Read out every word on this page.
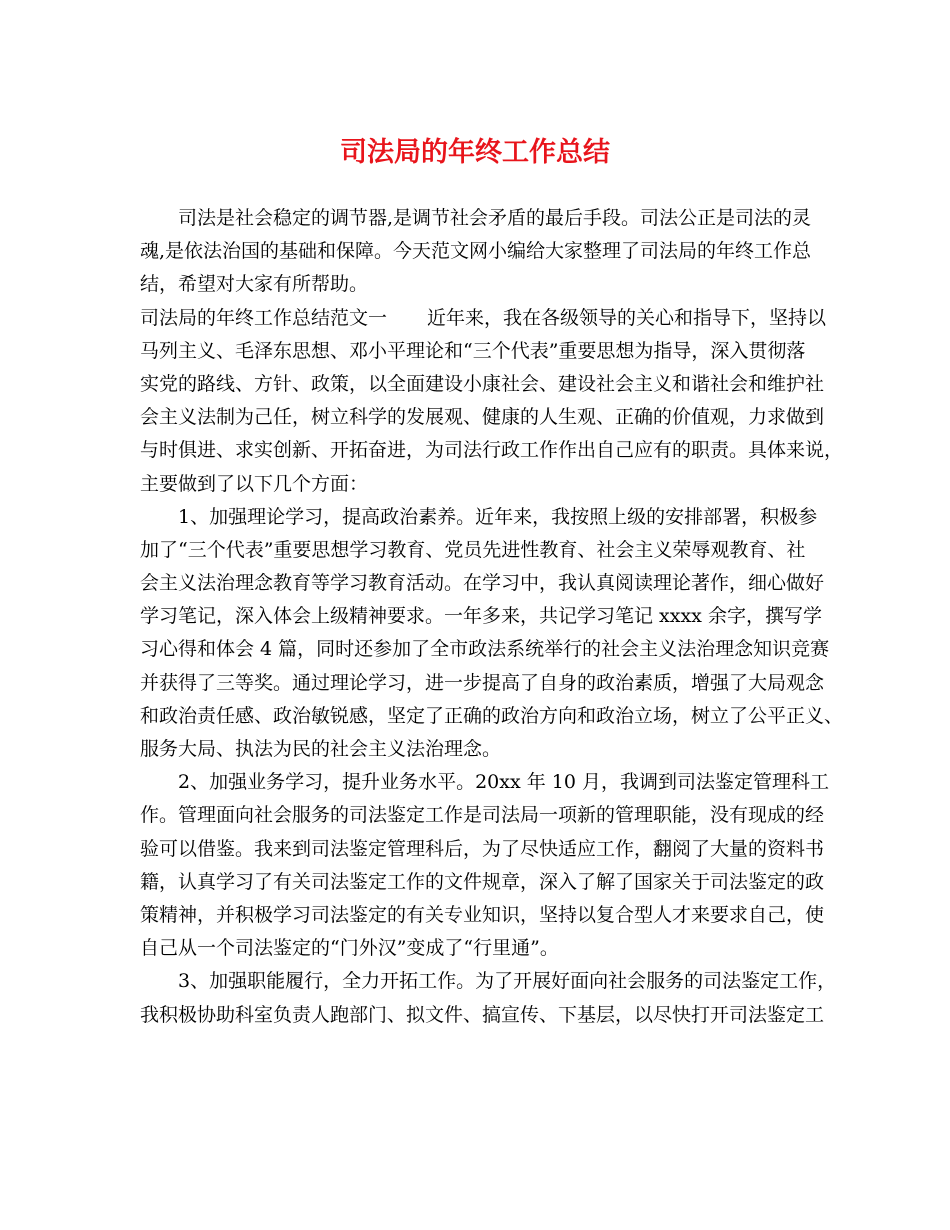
司法局的年终工作总结
司法是社会稳定的调节器,是调节社会矛盾的最后手段。司法公正是司法的灵
魂,是依法治国的基础和保障。今天范文网小编给大家整理了司法局的年终工作总
结，希望对大家有所帮助。
司法局的年终工作总结范文一 近年来，我在各级领导的关心和指导下，坚持以
马列主义、毛泽东思想、邓小平理论和“三个代表”重要思想为指导，深入贯彻落
实党的路线、方针、政策，以全面建设小康社会、建设社会主义和谐社会和维护社
会主义法制为己任，树立科学的发展观、健康的人生观、正确的价值观，力求做到
与时俱进、求实创新、开拓奋进，为司法行政工作作出自己应有的职责。具体来说，
主要做到了以下几个方面：
1、加强理论学习，提高政治素养。近年来，我按照上级的安排部署，积极参
加了“三个代表”重要思想学习教育、党员先进性教育、社会主义荣辱观教育、社
会主义法治理念教育等学习教育活动。在学习中，我认真阅读理论著作，细心做好
学习笔记，深入体会上级精神要求。一年多来，共记学习笔记 xxxx 余字，撰写学
习心得和体会 4 篇，同时还参加了全市政法系统举行的社会主义法治理念知识竞赛
并获得了三等奖。通过理论学习，进一步提高了自身的政治素质，增强了大局观念
和政治责任感、政治敏锐感，坚定了正确的政治方向和政治立场，树立了公平正义、
服务大局、执法为民的社会主义法治理念。
2、加强业务学习，提升业务水平。20xx 年 10 月，我调到司法鉴定管理科工
作。管理面向社会服务的司法鉴定工作是司法局一项新的管理职能，没有现成的经
验可以借鉴。我来到司法鉴定管理科后，为了尽快适应工作，翻阅了大量的资料书
籍，认真学习了有关司法鉴定工作的文件规章，深入了解了国家关于司法鉴定的政
策精神，并积极学习司法鉴定的有关专业知识，坚持以复合型人才来要求自己，使
自己从一个司法鉴定的“门外汉”变成了“行里通”。
3、加强职能履行，全力开拓工作。为了开展好面向社会服务的司法鉴定工作，
我积极协助科室负责人跑部门、拟文件、搞宣传、下基层，以尽快打开司法鉴定工
